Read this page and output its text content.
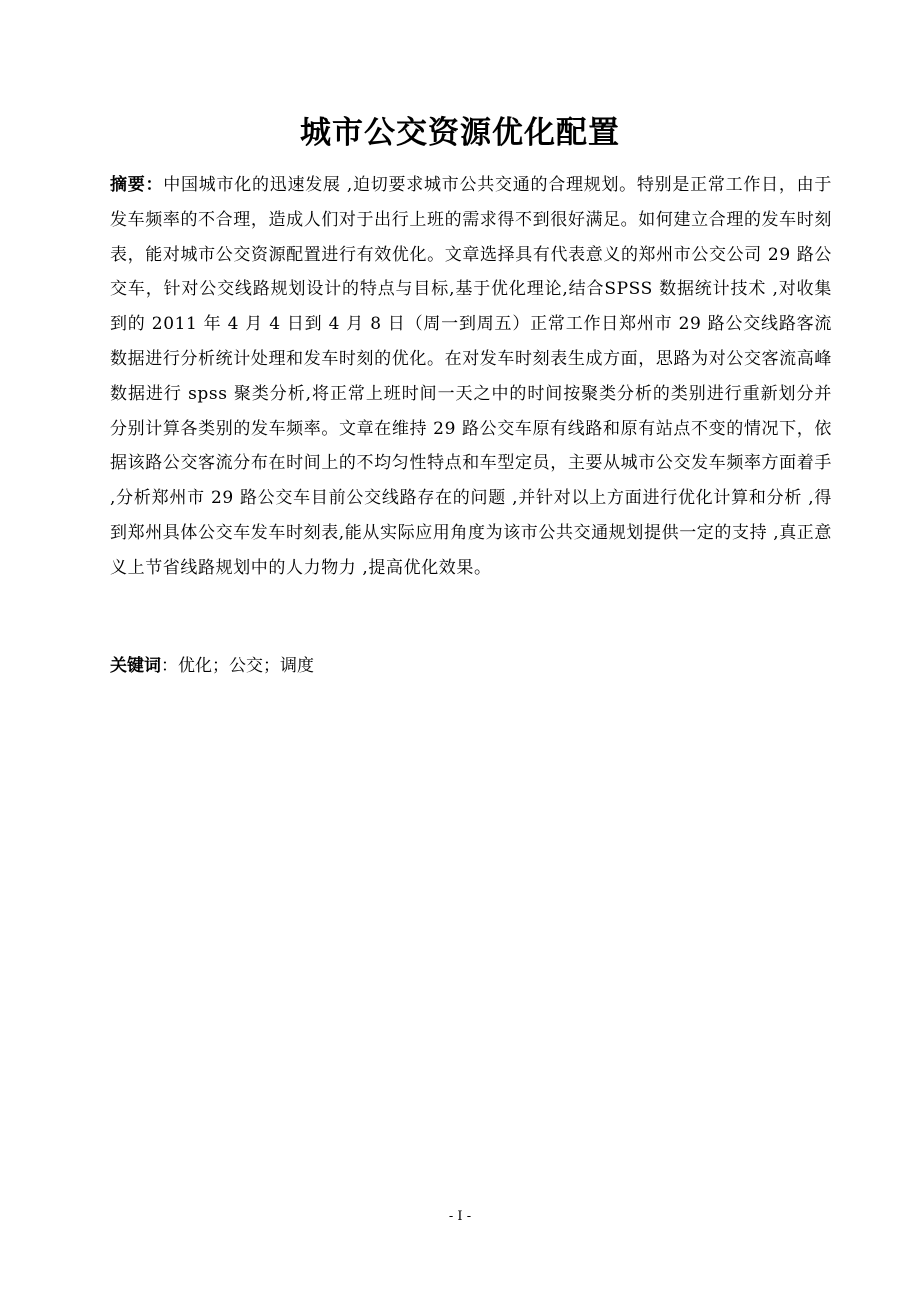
城市公交资源优化配置
摘要：中国城市化的迅速发展 ,迫切要求城市公共交通的合理规划。特别是正常工作日，由于发车频率的不合理，造成人们对于出行上班的需求得不到很好满足。如何建立合理的发车时刻表，能对城市公交资源配置进行有效优化。文章选择具有代表意义的郑州市公交公司 29 路公交车，针对公交线路规划设计的特点与目标,基于优化理论,结合SPSS 数据统计技术 ,对收集到的 2011 年 4 月 4 日到 4 月 8 日（周一到周五）正常工作日郑州市 29 路公交线路客流数据进行分析统计处理和发车时刻的优化。在对发车时刻表生成方面，思路为对公交客流高峰数据进行 spss 聚类分析,将正常上班时间一天之中的时间按聚类分析的类别进行重新划分并分别计算各类别的发车频率。文章在维持 29 路公交车原有线路和原有站点不变的情况下，依据该路公交客流分布在时间上的不均匀性特点和车型定员，主要从城市公交发车频率方面着手 ,分析郑州市 29 路公交车目前公交线路存在的问题 ,并针对以上方面进行优化计算和分析 ,得到郑州具体公交车发车时刻表,能从实际应用角度为该市公共交通规划提供一定的支持 ,真正意义上节省线路规划中的人力物力 ,提高优化效果。
关键词：优化；公交；调度
- I -
